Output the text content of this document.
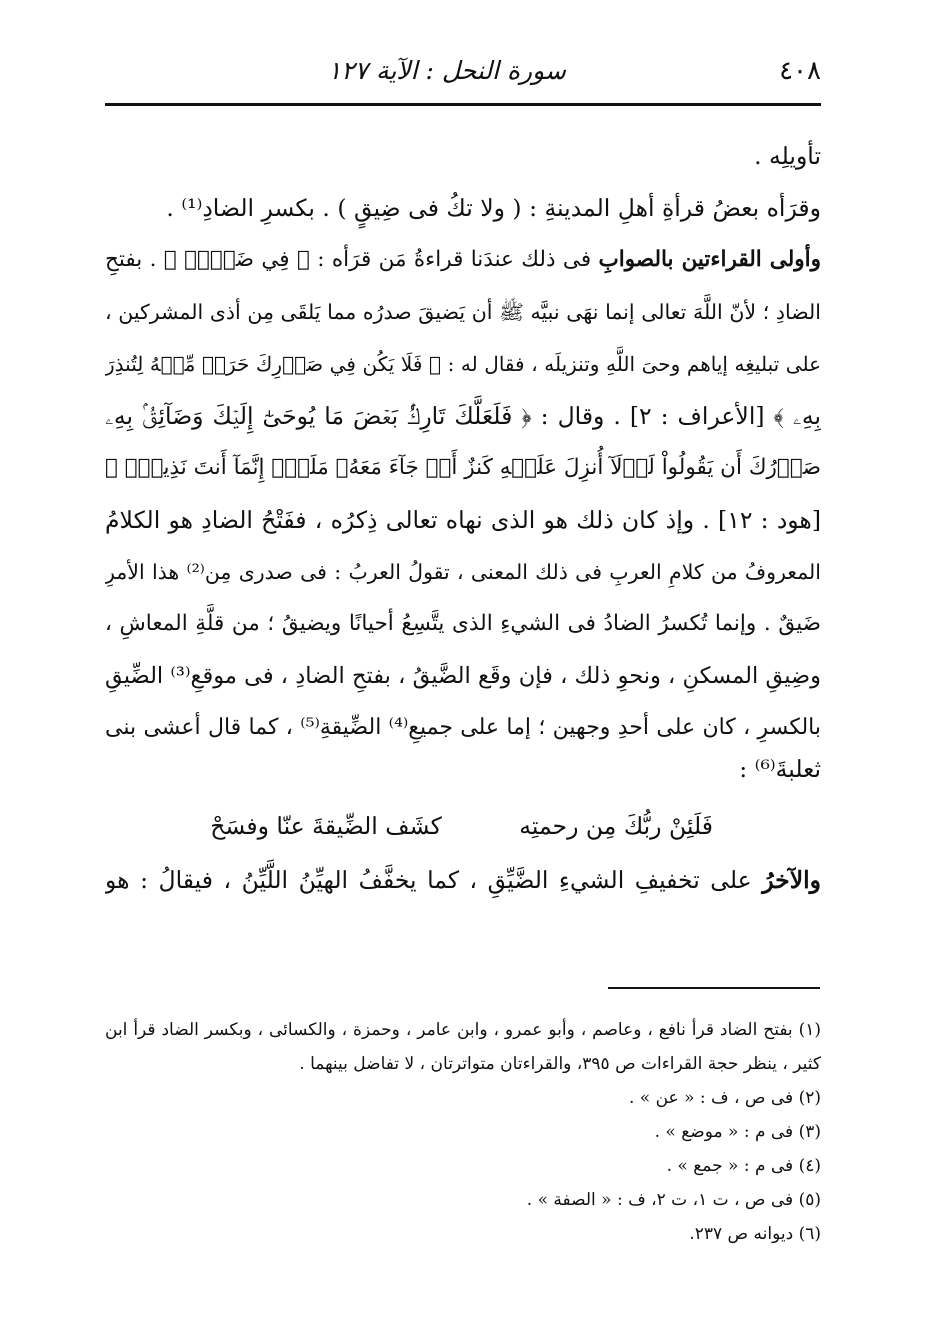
٤٠٨
سورة النحل : الآية ١٢٧
تأويلِه .
وقرَأه بعضُ قرأةِ أهلِ المدينةِ : ( ولا تكُ فى ضِيقٍ ) . بكسرِ الضادِ⁽¹⁾ .
وأولى القراءتين بالصوابِ فى ذلك عندَنا قراءةُ مَن قرَأه : ﴿ فِي ضَيۡقٖ ﴾ . بفتحِ
الضادِ ؛ لأنّ اللَّهَ تعالى إنما نهَى نبيَّه ﷺ أن يَضيقَ صدرُه مما يَلقَى مِن أذى المشركين ،
على تبليغِه إياهم وحىَ اللَّهِ وتنزيلَه ، فقال له : ﴿ فَلَا يَكُن فِي صَدۡرِكَ حَرَجٞ مِّنۡهُ لِتُنذِرَ
بِهِۦ ﴾ [الأعراف : ٢] . وقال : ﴿ فَلَعَلَّكَ تَارِكُۢ بَعۡضَ مَا يُوحَىٰٓ إِلَيۡكَ وَضَآئِقُۢ بِهِۦ
صَدۡرُكَ أَن يَقُولُواْ لَوۡلَآ أُنزِلَ عَلَيۡهِ كَنزٌ أَوۡ جَآءَ مَعَهُۥ مَلَكٌۚ إِنَّمَآ أَنتَ نَذِيرٞۚ ﴾
[هود : ١٢] . وإذ كان ذلك هو الذى نهاه تعالى ذِكرُه ، ففَتْحُ الضادِ هو الكلامُ
المعروفُ من كلامِ العربِ فى ذلك المعنى ، تقولُ العربُ : فى صدرى مِن⁽²⁾ هذا الأمرِ
ضَيقٌ . وإنما تُكسرُ الضادُ فى الشيءِ الذى يتَّسِعُ أحيانًا ويضيقُ ؛ من قلَّةِ المعاشِ ،
وضِيقِ المسكنِ ، ونحوِ ذلك ، فإن وقَع الضَّيقُ ، بفتحِ الضادِ ، فى موقعِ⁽³⁾ الضِّيقِ
بالكسرِ ، كان على أحدِ وجهين ؛ إما على جميعِ⁽⁴⁾ الضِّيقةِ⁽⁵⁾ ، كما قال أعشى بنى
ثعلبةَ⁽⁶⁾ :
فَلَئِنْ ربُّكَ مِن رحمتِه كشَف الضِّيقةَ عنّا وفسَحْ
والآخرُ على تخفيفِ الشيءِ الضَّيِّقِ ، كما يخفَّفُ الهيِّنُ اللَّيِّنُ ، فيقالُ : هو
(١) بفتح الضاد قرأ نافع ، وعاصم ، وأبو عمرو ، وابن عامر ، وحمزة ، والكسائى ، وبكسر الضاد قرأ ابن
كثير ، ينظر حجة القراءات ص ٣٩٥، والقراءتان متواترتان ، لا تفاضل بينهما .
(٢) فى ص ، ف : « عن » .
(٣) فى م : « موضع » .
(٤) فى م : « جمع » .
(٥) فى ص ، ت ١، ت ٢، ف : « الصفة » .
(٦) ديوانه ص ٢٣٧.
